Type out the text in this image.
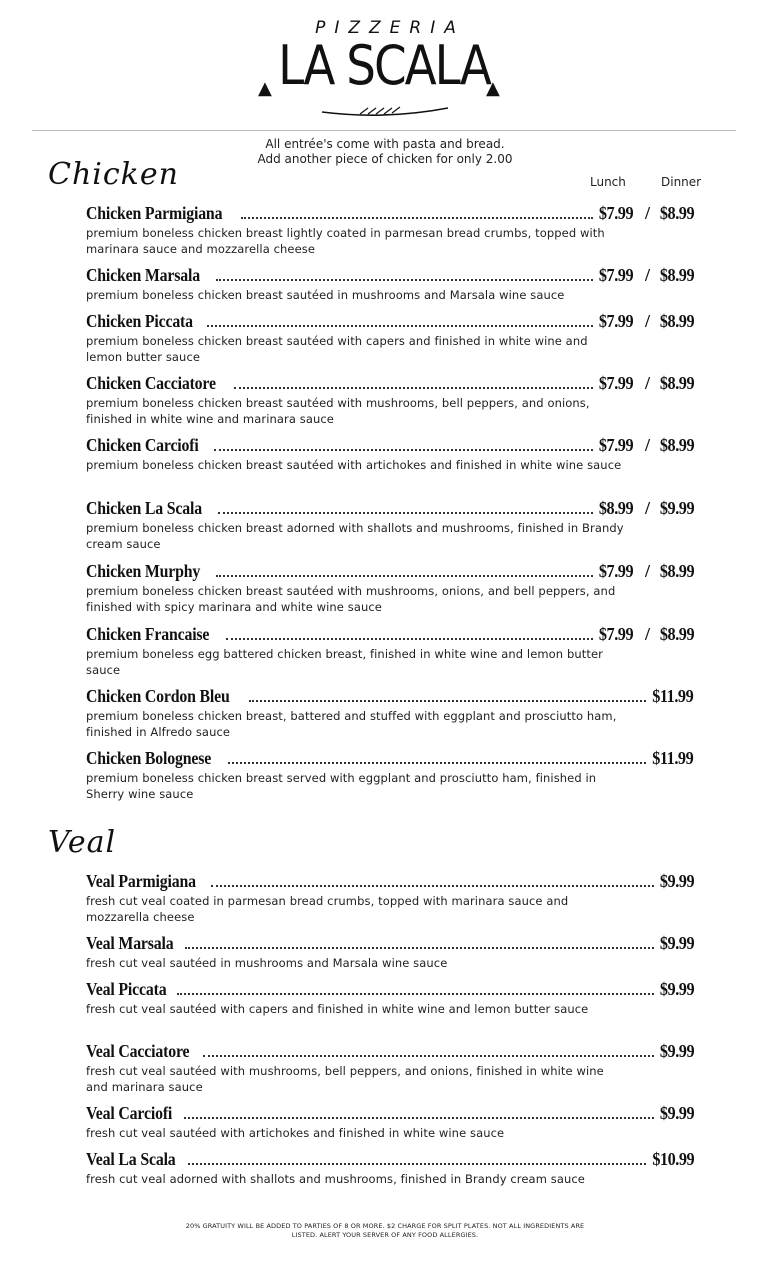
PIZZERIA
LA SCALA
▲	▲
All entrée's come with pasta and bread.
Add another piece of chicken for only 2.00
Chicken	Lunch	Dinner
Chicken Parmigiana	$7.99 / $8.99
premium boneless chicken breast lightly coated in parmesan bread crumbs, topped with marinara sauce and mozzarella cheese
Chicken Marsala	$7.99 / $8.99
premium boneless chicken breast sautéed in mushrooms and Marsala wine sauce
Chicken Piccata	$7.99 / $8.99
premium boneless chicken breast sautéed with capers and finished in white wine and lemon butter sauce
Chicken Cacciatore	$7.99 / $8.99
premium boneless chicken breast sautéed with mushrooms, bell peppers, and onions, finished in white wine and marinara sauce
Chicken Carciofi	$7.99 / $8.99
premium boneless chicken breast sautéed with artichokes and finished in white wine sauce
Chicken La Scala	$8.99 / $9.99
premium boneless chicken breast adorned with shallots and mushrooms, finished in Brandy cream sauce
Chicken Murphy	$7.99 / $8.99
premium boneless chicken breast sautéed with mushrooms, onions, and bell peppers, and finished with spicy marinara and white wine sauce
Chicken Francaise	$7.99 / $8.99
premium boneless egg battered chicken breast, finished in white wine and lemon butter sauce
Chicken Cordon Bleu	$11.99
premium boneless chicken breast, battered and stuffed with eggplant and prosciutto ham, finished in Alfredo sauce
Chicken Bolognese	$11.99
premium boneless chicken breast served with eggplant and prosciutto ham, finished in Sherry wine sauce
Veal
Veal Parmigiana	$9.99
fresh cut veal coated in parmesan bread crumbs, topped with marinara sauce and mozzarella cheese
Veal Marsala	$9.99
fresh cut veal sautéed in mushrooms and Marsala wine sauce
Veal Piccata	$9.99
fresh cut veal sautéed with capers and finished in white wine and lemon butter sauce
Veal Cacciatore	$9.99
fresh cut veal sautéed with mushrooms, bell peppers, and onions, finished in white wine and marinara sauce
Veal Carciofi	$9.99
fresh cut veal sautéed with artichokes and finished in white wine sauce
Veal La Scala	$10.99
fresh cut veal adorned with shallots and mushrooms, finished in Brandy cream sauce
20% GRATUITY WILL BE ADDED TO PARTIES OF 8 OR MORE. $2 CHARGE FOR SPLIT PLATES. NOT ALL INGREDIENTS ARE
LISTED. ALERT YOUR SERVER OF ANY FOOD ALLERGIES.
